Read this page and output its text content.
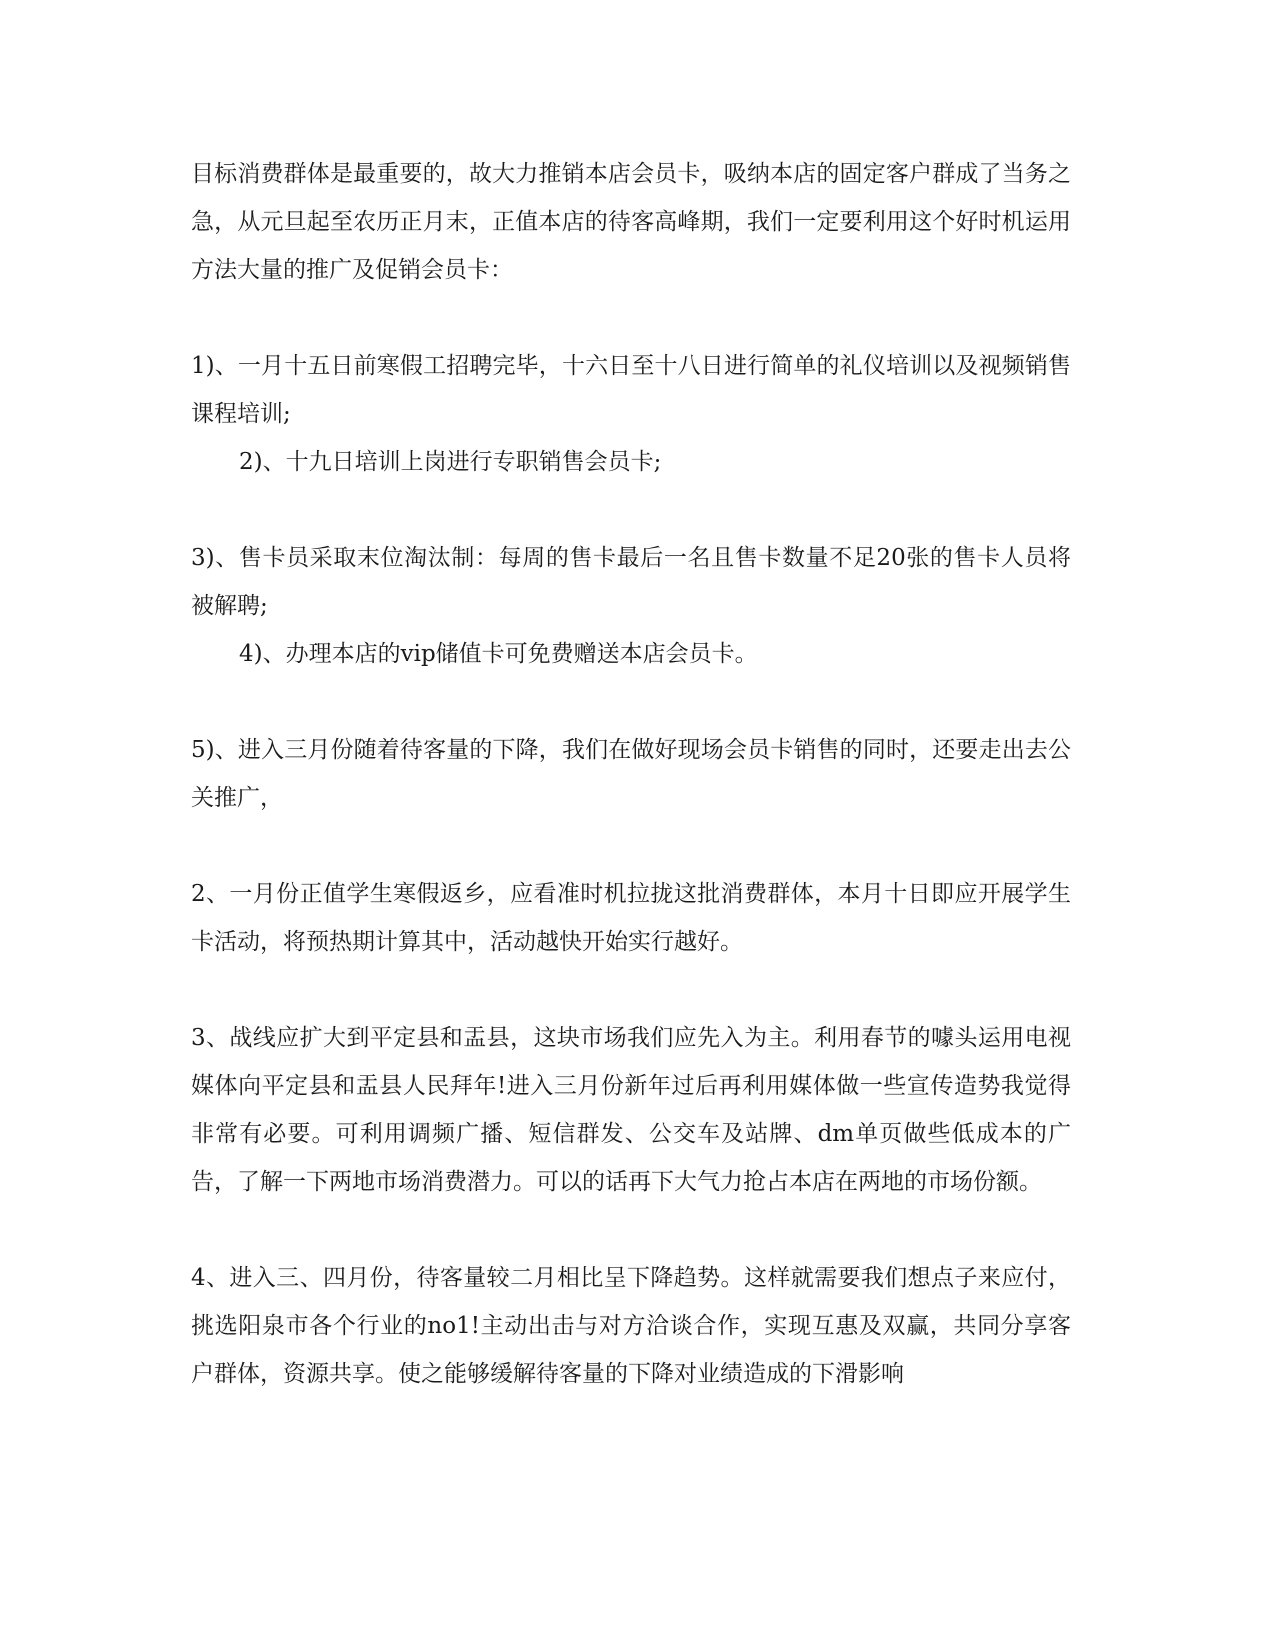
目标消费群体是最重要的，故大力推销本店会员卡，吸纳本店的固定客户群成了当务之急，从元旦起至农历正月末，正值本店的待客高峰期，我们一定要利用这个好时机运用方法大量的推广及促销会员卡：

1)、一月十五日前寒假工招聘完毕，十六日至十八日进行简单的礼仪培训以及视频销售课程培训;

2)、十九日培训上岗进行专职销售会员卡;

3)、售卡员采取末位淘汰制：每周的售卡最后一名且售卡数量不足20张的售卡人员将被解聘;

4)、办理本店的vip储值卡可免费赠送本店会员卡。

5)、进入三月份随着待客量的下降，我们在做好现场会员卡销售的同时，还要走出去公关推广，

2、一月份正值学生寒假返乡，应看准时机拉拢这批消费群体，本月十日即应开展学生卡活动，将预热期计算其中，活动越快开始实行越好。

3、战线应扩大到平定县和盂县，这块市场我们应先入为主。利用春节的噱头运用电视媒体向平定县和盂县人民拜年!进入三月份新年过后再利用媒体做一些宣传造势我觉得非常有必要。可利用调频广播、短信群发、公交车及站牌、dm单页做些低成本的广告，了解一下两地市场消费潜力。可以的话再下大气力抢占本店在两地的市场份额。

4、进入三、四月份，待客量较二月相比呈下降趋势。这样就需要我们想点子来应付，挑选阳泉市各个行业的no1!主动出击与对方洽谈合作，实现互惠及双赢，共同分享客户群体，资源共享。使之能够缓解待客量的下降对业绩造成的下滑影响
